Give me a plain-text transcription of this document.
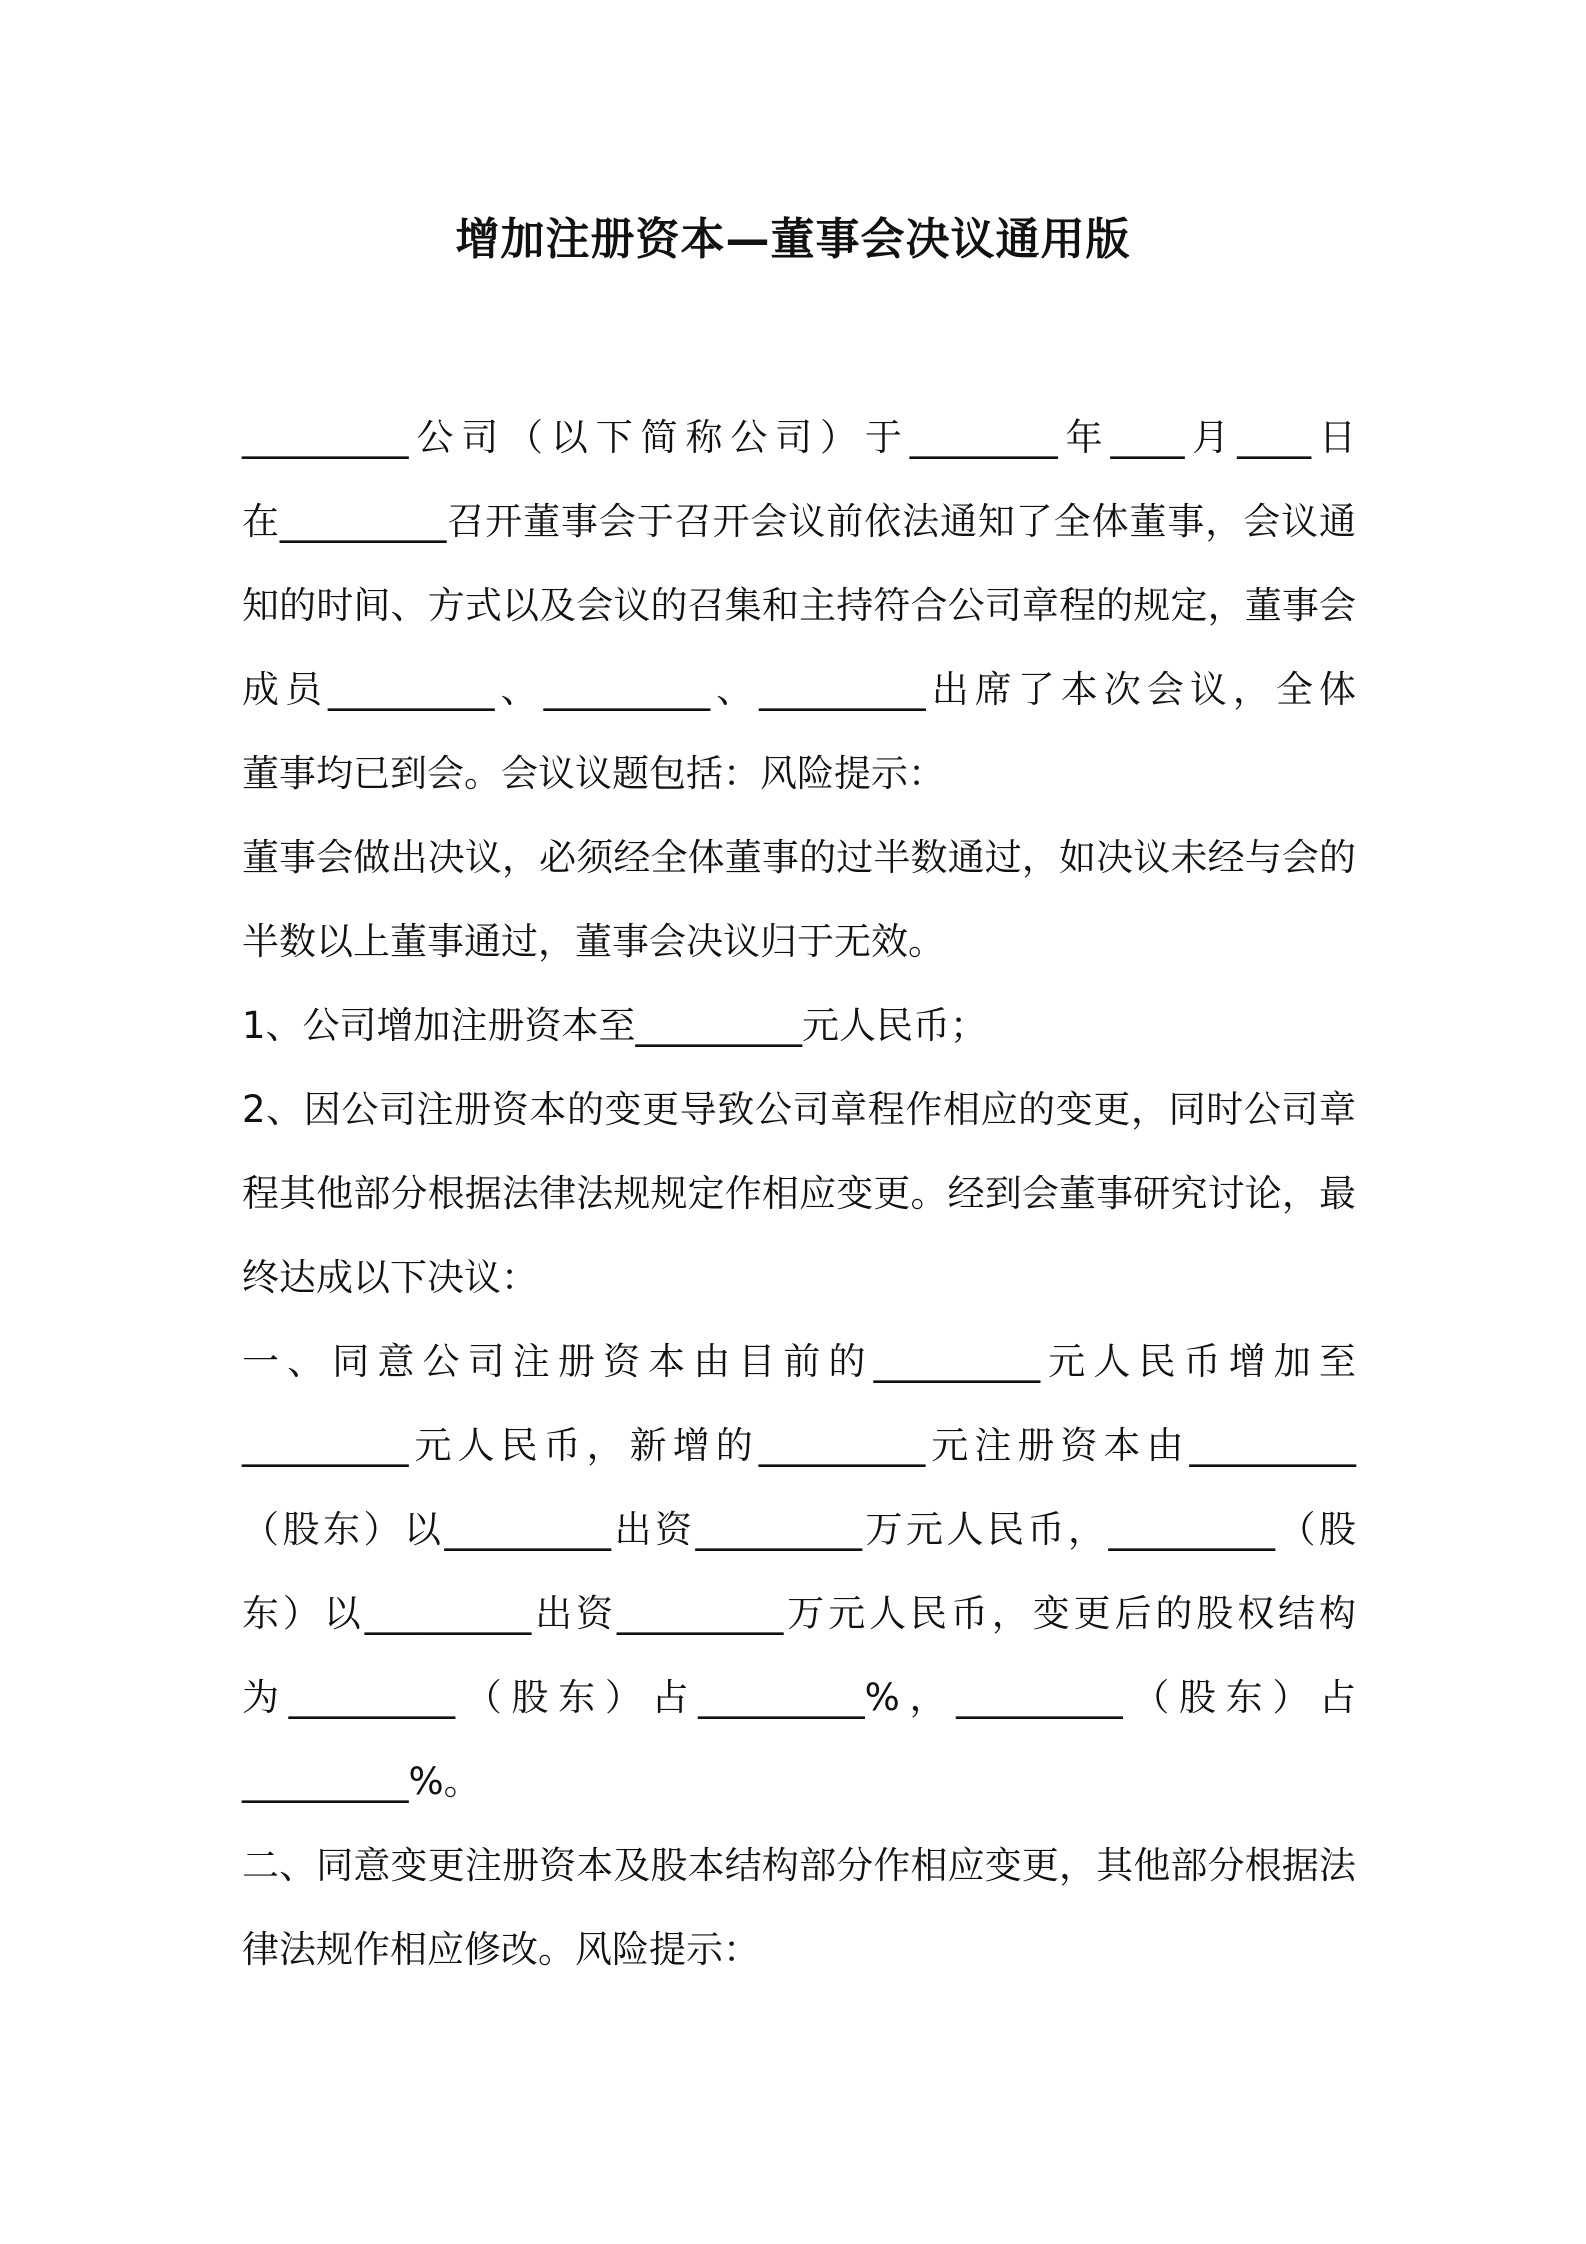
增加注册资本—董事会决议通用版

_________公司（以下简称公司）于________年____月____日

在_________召开董事会于召开会议前依法通知了全体董事，会议通

知的时间、方式以及会议的召集和主持符合公司章程的规定，董事会

成员_________、_________、_________出席了本次会议，全体

董事均已到会。会议议题包括：风险提示：

董事会做出决议，必须经全体董事的过半数通过，如决议未经与会的

半数以上董事通过，董事会决议归于无效。

1、公司增加注册资本至_________元人民币；

2、因公司注册资本的变更导致公司章程作相应的变更，同时公司章

程其他部分根据法律法规规定作相应变更。经到会董事研究讨论，最

终达成以下决议：

一、同意公司注册资本由目前的_________元人民币增加至

_________元人民币，新增的_________元注册资本由_________

（股东）以_________出资_________万元人民币，_________（股

东）以_________出资_________万元人民币，变更后的股权结构

为_________（股东）占_________%，_________（股东）占

_________%。

二、同意变更注册资本及股本结构部分作相应变更，其他部分根据法

律法规作相应修改。风险提示：
